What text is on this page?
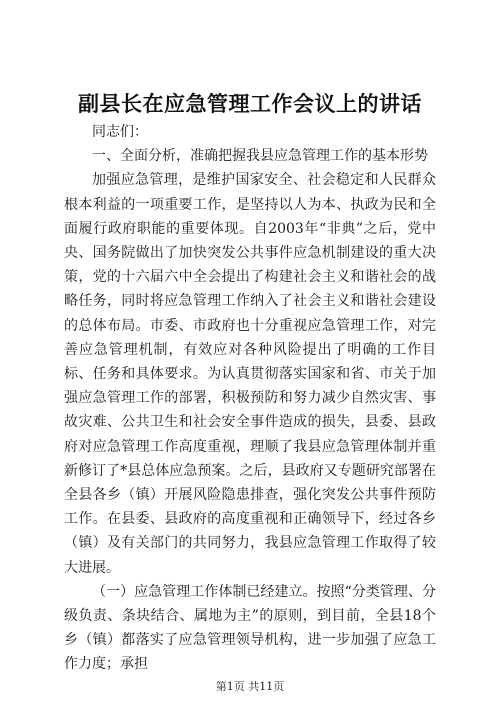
副县长在应急管理工作会议上的讲话

同志们：

一、全面分析，准确把握我县应急管理工作的基本形势

加强应急管理，是维护国家安全、社会稳定和人民群众根本利益的一项重要工作，是坚持以人为本、执政为民和全面履行政府职能的重要体现。自2003年“非典”之后，党中央、国务院做出了加快突发公共事件应急机制建设的重大决策，党的十六届六中全会提出了构建社会主义和谐社会的战略任务，同时将应急管理工作纳入了社会主义和谐社会建设的总体布局。市委、市政府也十分重视应急管理工作，对完善应急管理机制，有效应对各种风险提出了明确的工作目标、任务和具体要求。为认真贯彻落实国家和省、市关于加强应急管理工作的部署，积极预防和努力减少自然灾害、事故灾难、公共卫生和社会安全事件造成的损失，县委、县政府对应急管理工作高度重视，理顺了我县应急管理体制并重新修订了*县总体应急预案。之后，县政府又专题研究部署在全县各乡（镇）开展风险隐患排查，强化突发公共事件预防工作。在县委、县政府的高度重视和正确领导下，经过各乡（镇）及有关部门的共同努力，我县应急管理工作取得了较大进展。

（一）应急管理工作体制已经建立。按照“分类管理、分级负责、条块结合、属地为主”的原则，到目前，全县18个乡（镇）都落实了应急管理领导机构，进一步加强了应急工作力度；承担

第1页 共11页
